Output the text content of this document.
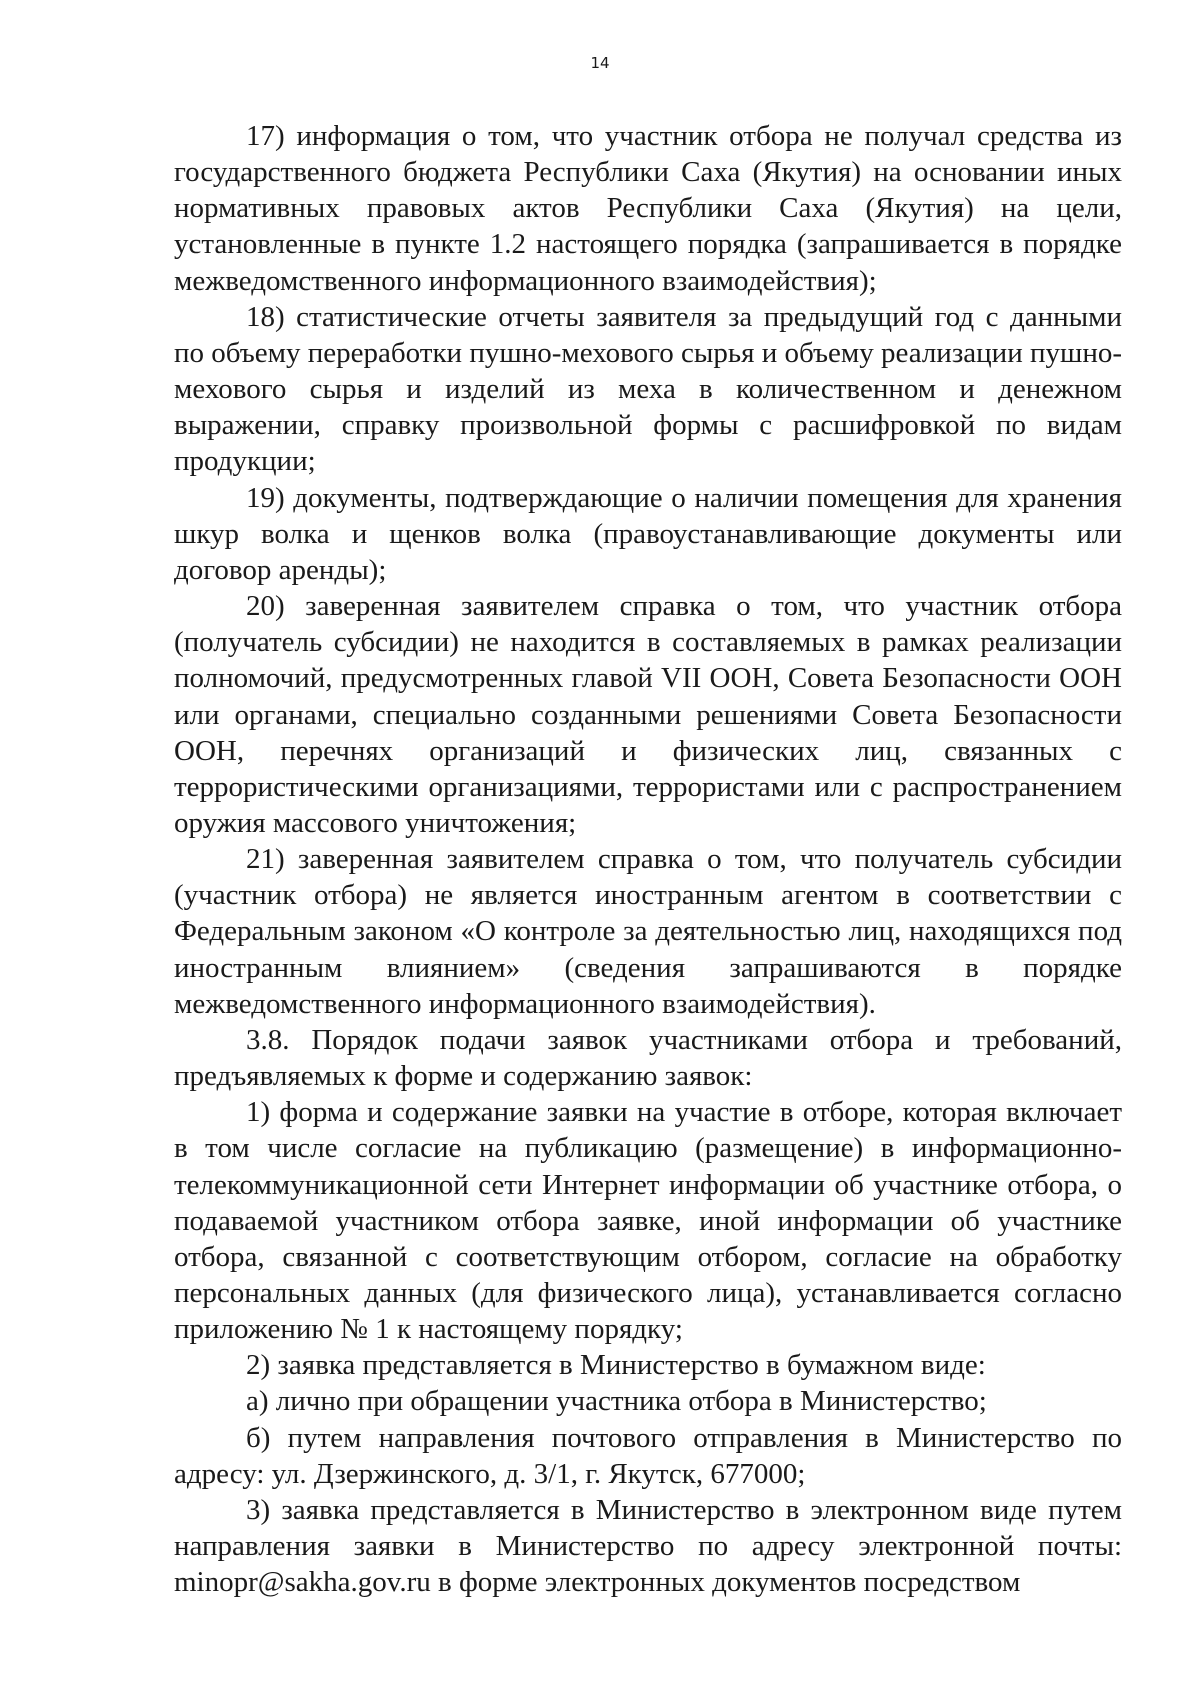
14

17) информация о том, что участник отбора не получал средства из государственного бюджета Республики Саха (Якутия) на основании иных нормативных правовых актов Республики Саха (Якутия) на цели, установленные в пункте 1.2 настоящего порядка (запрашивается в порядке межведомственного информационного взаимодействия);

18) статистические отчеты заявителя за предыдущий год с данными по объему переработки пушно-мехового сырья и объему реализации пушно-мехового сырья и изделий из меха в количественном и денежном выражении, справку произвольной формы с расшифровкой по видам продукции;

19) документы, подтверждающие о наличии помещения для хранения шкур волка и щенков волка (правоустанавливающие документы или договор аренды);

20) заверенная заявителем справка о том, что участник отбора (получатель субсидии) не находится в составляемых в рамках реализации полномочий, предусмотренных главой VII ООН, Совета Безопасности ООН или органами, специально созданными решениями Совета Безопасности ООН, перечнях организаций и физических лиц, связанных с террористическими организациями, террористами или с распространением оружия массового уничтожения;

21) заверенная заявителем справка о том, что получатель субсидии (участник отбора) не является иностранным агентом в соответствии с Федеральным законом «О контроле за деятельностью лиц, находящихся под иностранным влиянием» (сведения запрашиваются в порядке межведомственного информационного взаимодействия).

3.8. Порядок подачи заявок участниками отбора и требований, предъявляемых к форме и содержанию заявок:

1) форма и содержание заявки на участие в отборе, которая включает в том числе согласие на публикацию (размещение) в информационно-телекоммуникационной сети Интернет информации об участнике отбора, о подаваемой участником отбора заявке, иной информации об участнике отбора, связанной с соответствующим отбором, согласие на обработку персональных данных (для физического лица), устанавливается согласно приложению № 1 к настоящему порядку;

2) заявка представляется в Министерство в бумажном виде:

а) лично при обращении участника отбора в Министерство;

б) путем направления почтового отправления в Министерство по адресу: ул. Дзержинского, д. 3/1, г. Якутск, 677000;

3) заявка представляется в Министерство в электронном виде путем направления заявки в Министерство по адресу электронной почты: minopr@sakha.gov.ru в форме электронных документов посредством
